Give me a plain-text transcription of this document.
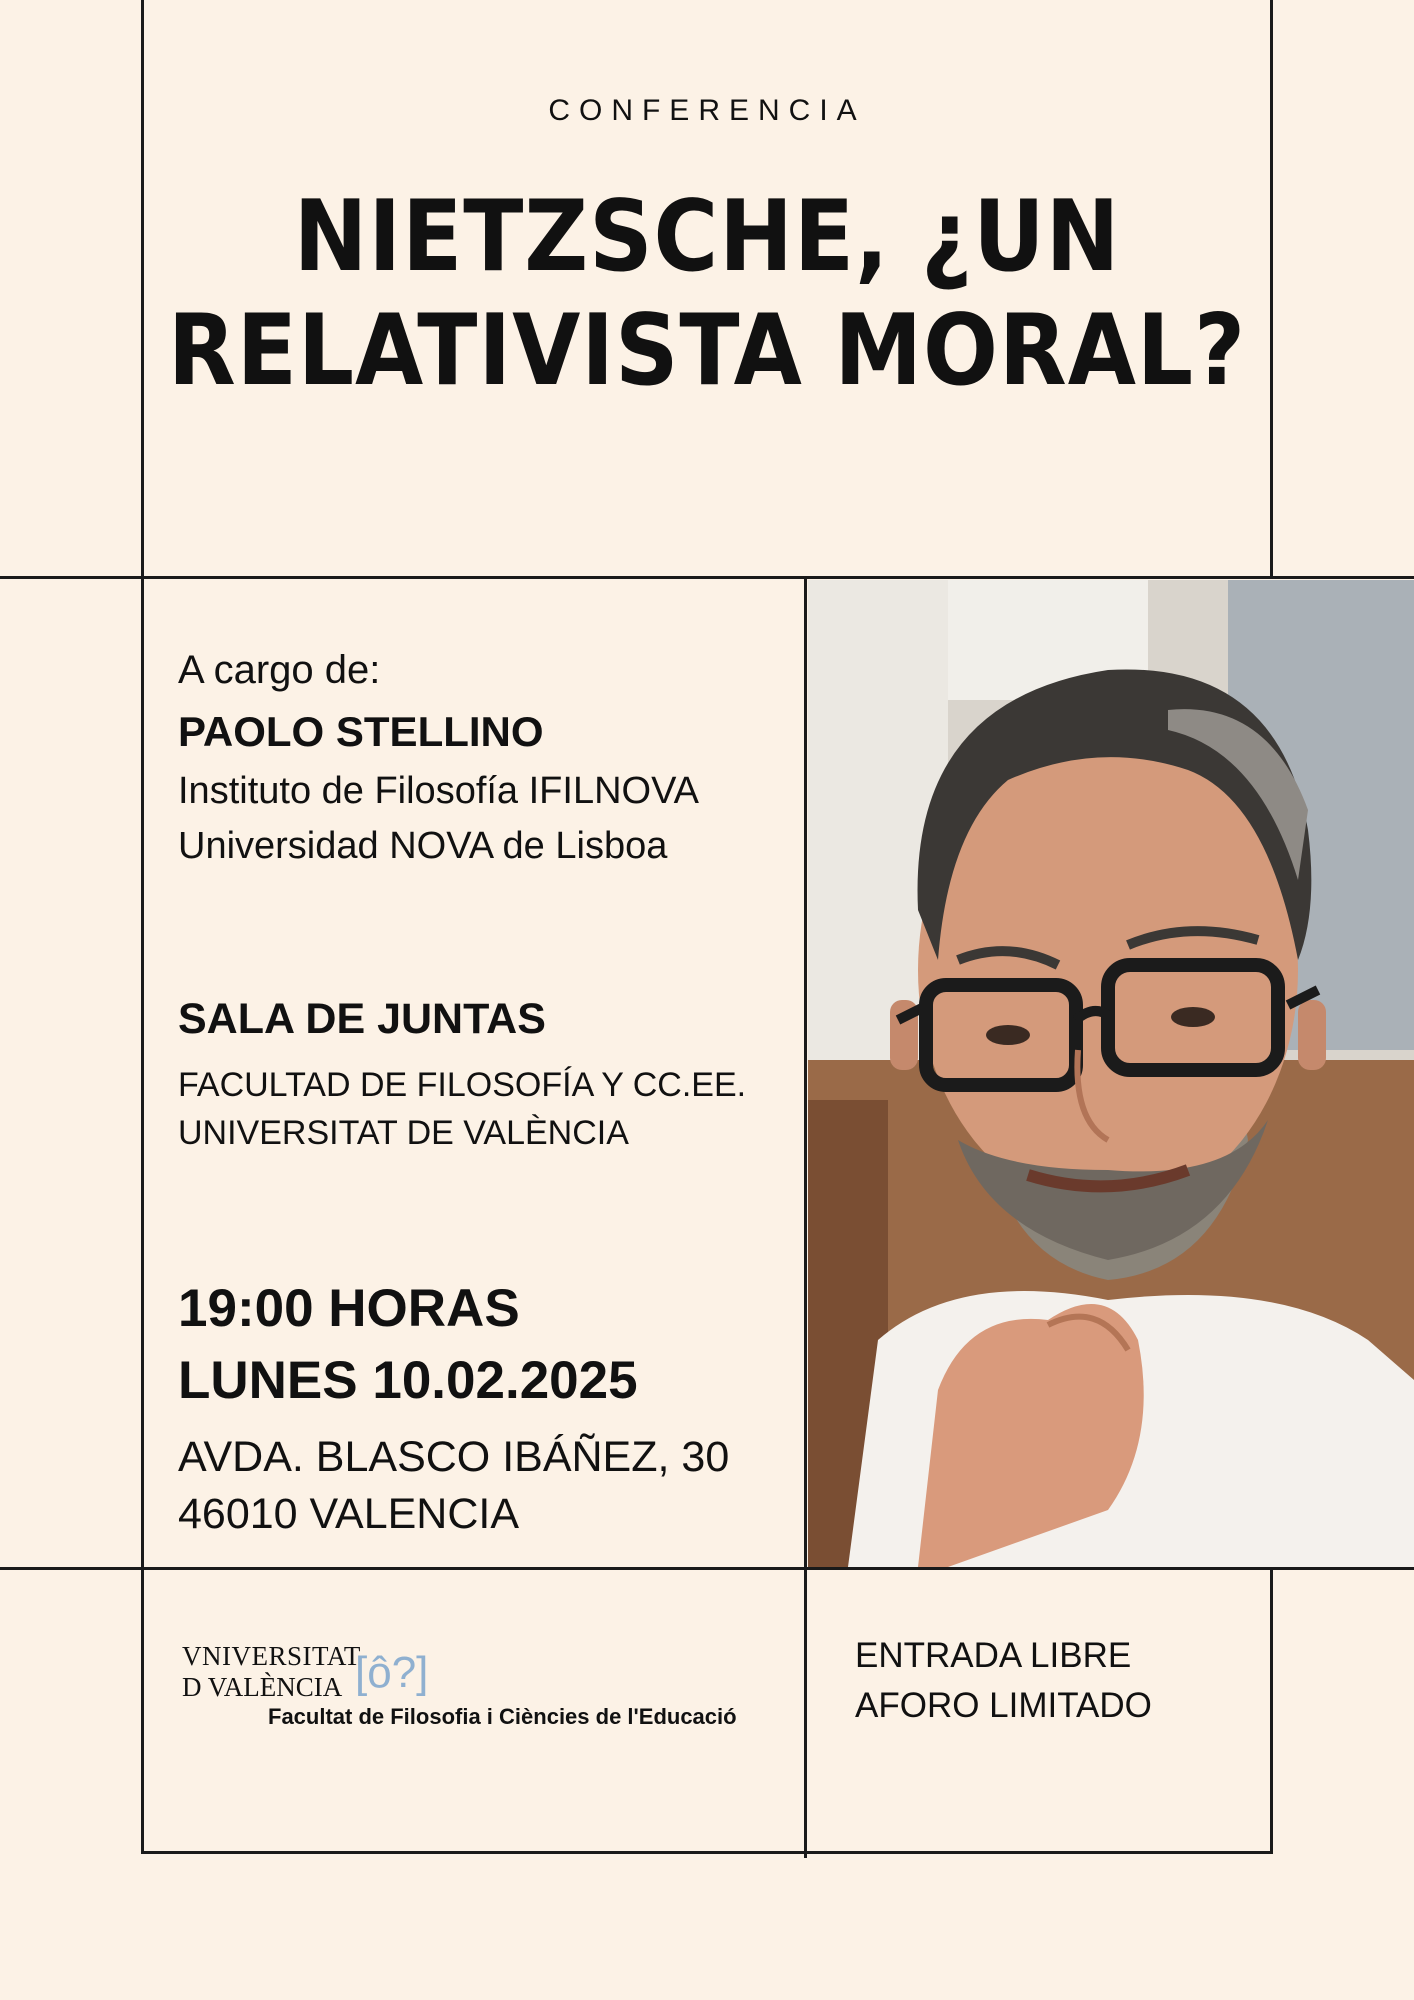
CONFERENCIA
NIETZSCHE, ¿UN
RELATIVISTA MORAL?
A cargo de:
PAOLO STELLINO
Instituto de Filosofía IFILNOVA
Universidad NOVA de Lisboa
SALA DE JUNTAS
FACULTAD DE FILOSOFÍA Y CC.EE.
UNIVERSITAT DE VALÈNCIA
19:00 HORAS
LUNES 10.02.2025
AVDA. BLASCO IBÁÑEZ, 30
46010 VALENCIA
VNIVERSITAT
D VALÈNCIA [ô?]
Facultat de Filosofia i Ciències de l'Educació
ENTRADA LIBRE
AFORO LIMITADO
